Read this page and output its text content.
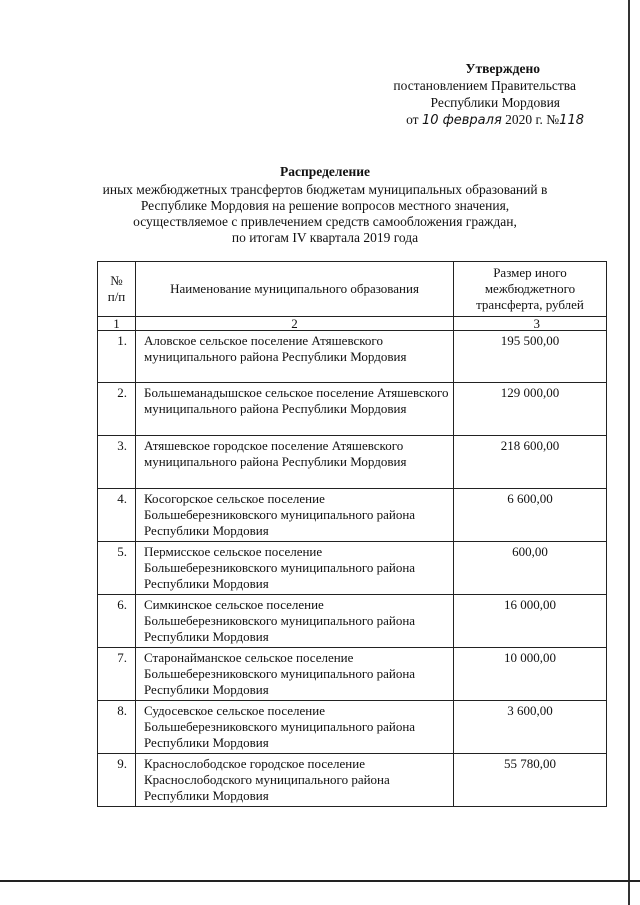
Утверждено
постановлением Правительства
Республики Мордовия
от 10 февраля 2020 г. №118
Распределение
иных межбюджетных трансфертов бюджетам муниципальных образований в
Республике Мордовия на решение вопросов местного значения,
осуществляемое с привлечением средств самообложения граждан,
по итогам IV квартала 2019 года
№ п/п	Наименование муниципального образования	Размер иного межбюджетного трансферта, рублей
1	2	3
1.	Аловское сельское поселение Атяшевского муниципального района Республики Мордовия	195 500,00
2.	Большеманадышское сельское поселение Атяшевского муниципального района Республики Мордовия	129 000,00
3.	Атяшевское городское поселение Атяшевского муниципального района Республики Мордовия	218 600,00
4.	Косогорское сельское поселение Большеберезниковского муниципального района Республики Мордовия	6 600,00
5.	Пермисское сельское поселение Большеберезниковского муниципального района Республики Мордовия	600,00
6.	Симкинское сельское поселение Большеберезниковского муниципального района Республики Мордовия	16 000,00
7.	Старонайманское сельское поселение Большеберезниковского муниципального района Республики Мордовия	10 000,00
8.	Судосевское сельское поселение Большеберезниковского муниципального района Республики Мордовия	3 600,00
9.	Краснослободское городское поселение Краснослободского муниципального района Республики Мордовия	55 780,00
